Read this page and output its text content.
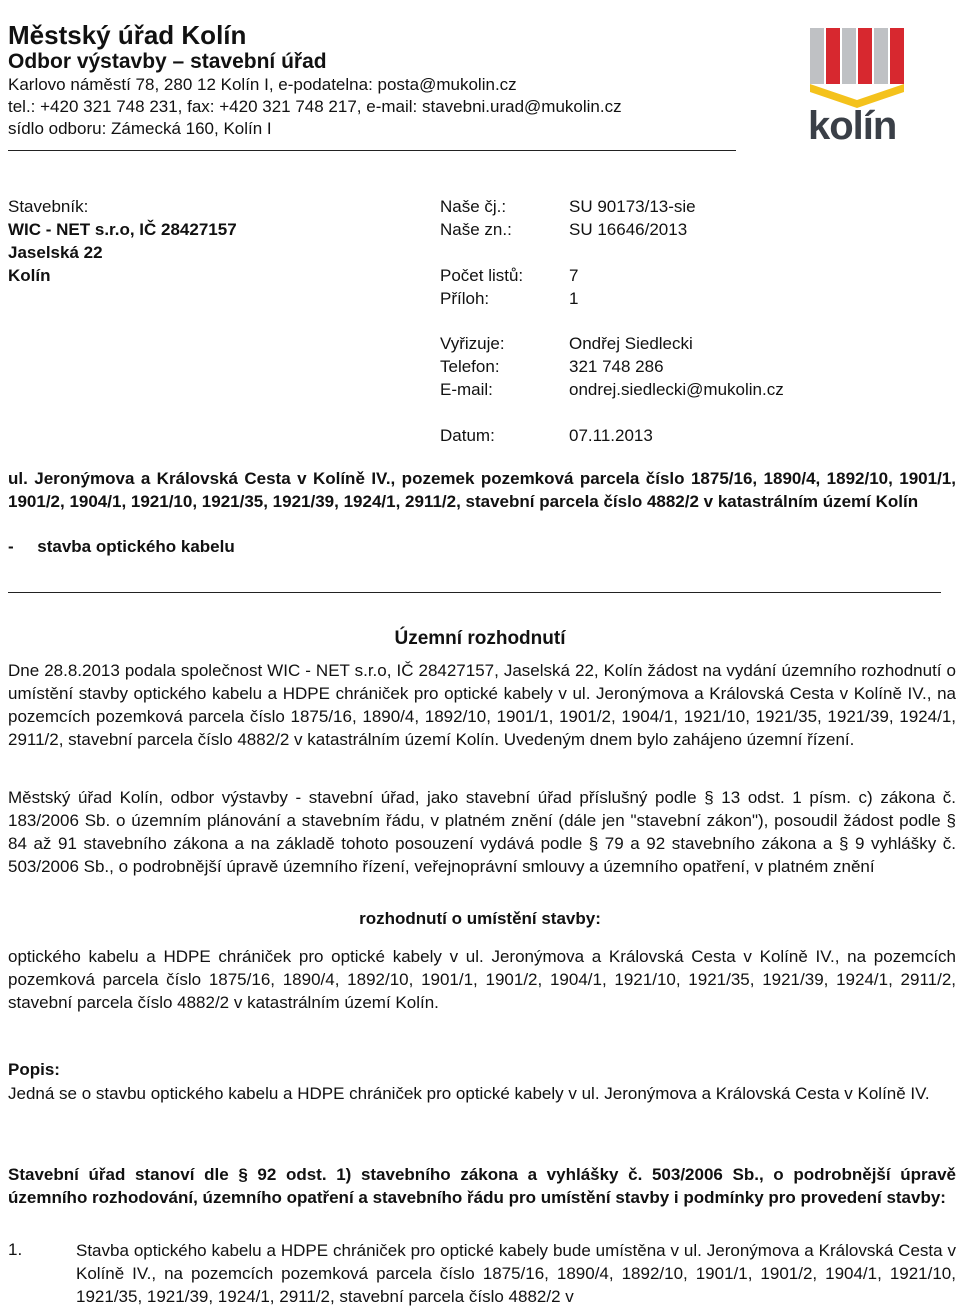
Městský úřad Kolín
Odbor výstavby – stavební úřad
Karlovo náměstí 78, 280 12 Kolín I, e-podatelna: posta@mukolin.cz
tel.: +420 321 748 231, fax: +420 321 748 217, e-mail: stavebni.urad@mukolin.cz
sídlo odboru: Zámecká 160, Kolín I	kolín
Stavebník:
WIC - NET s.r.o, IČ 28427157
Jaselská 22
Kolín
Naše čj.:	SU 90173/13-sie
Naše zn.:	SU 16646/2013
Počet listů:	7
Příloh:	1
Vyřizuje:	Ondřej Siedlecki
Telefon:	321 748 286
E-mail:	ondrej.siedlecki@mukolin.cz
Datum:	07.11.2013
ul. Jeronýmova a Královská Cesta v Kolíně IV., pozemek pozemková parcela číslo 1875/16, 1890/4, 1892/10, 1901/1, 1901/2, 1904/1, 1921/10, 1921/35, 1921/39, 1924/1, 2911/2, stavební parcela číslo 4882/2 v katastrálním území Kolín
-     stavba optického kabelu
Územní rozhodnutí
Dne 28.8.2013 podala společnost WIC - NET s.r.o, IČ 28427157, Jaselská 22, Kolín žádost na vydání územního rozhodnutí o umístění stavby optického kabelu a HDPE chrániček pro optické kabely v ul. Jeronýmova a Královská Cesta v Kolíně IV., na pozemcích pozemková parcela číslo 1875/16, 1890/4, 1892/10, 1901/1, 1901/2, 1904/1, 1921/10, 1921/35, 1921/39, 1924/1, 2911/2, stavební parcela číslo 4882/2 v katastrálním území Kolín. Uvedeným dnem bylo zahájeno územní řízení.
Městský úřad Kolín, odbor výstavby - stavební úřad, jako stavební úřad příslušný podle § 13 odst. 1 písm. c) zákona č. 183/2006 Sb. o územním plánování a stavebním řádu, v platném znění (dále jen "stavební zákon"), posoudil žádost podle § 84 až 91 stavebního zákona a na základě tohoto posouzení vydává podle § 79 a 92 stavebního zákona a § 9 vyhlášky č. 503/2006 Sb., o podrobnější úpravě územního řízení, veřejnoprávní smlouvy a územního opatření, v platném znění
rozhodnutí o umístění stavby:
optického kabelu a HDPE chrániček pro optické kabely v ul. Jeronýmova a Královská Cesta v Kolíně IV., na pozemcích pozemková parcela číslo 1875/16, 1890/4, 1892/10, 1901/1, 1901/2, 1904/1, 1921/10, 1921/35, 1921/39, 1924/1, 2911/2, stavební parcela číslo 4882/2 v katastrálním území Kolín.
Popis:
Jedná se o stavbu optického kabelu a HDPE chrániček pro optické kabely v ul. Jeronýmova a Královská Cesta v Kolíně IV.
Stavební úřad stanoví dle § 92 odst. 1) stavebního zákona a vyhlášky č. 503/2006 Sb., o podrobnější úpravě územního rozhodování, územního opatření a stavebního řádu pro umístění stavby i podmínky pro provedení stavby:
1.	Stavba optického kabelu a HDPE chrániček pro optické kabely bude umístěna v ul. Jeronýmova a Královská Cesta v Kolíně IV., na pozemcích pozemková parcela číslo 1875/16, 1890/4, 1892/10, 1901/1, 1901/2, 1904/1, 1921/10, 1921/35, 1921/39, 1924/1, 2911/2, stavební parcela číslo 4882/2 v
